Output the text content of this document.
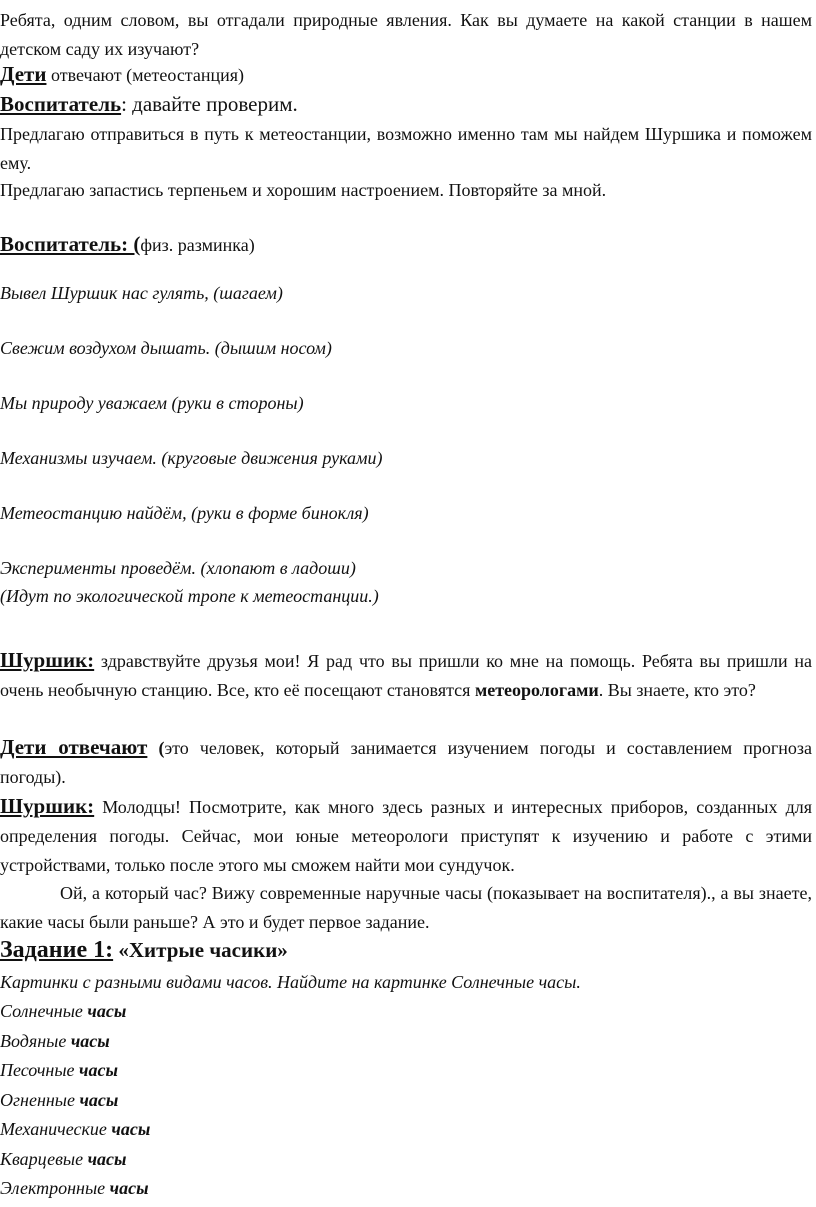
Ребята, одним словом, вы отгадали природные явления. Как вы думаете на какой станции в нашем детском саду их изучают?
Дети отвечают (метеостанция)
Воспитатель: давайте проверим.
Предлагаю отправиться в путь к метеостанции, возможно именно там мы найдем Шуршика и поможем ему.
Предлагаю запастись терпеньем и хорошим настроением. Повторяйте за мной.
Воспитатель: (физ. разминка)
Вывел Шуршик нас гулять, (шагаем)
Свежим воздухом дышать. (дышим носом)
Мы природу уважаем (руки в стороны)
Механизмы изучаем. (круговые движения руками)
Метеостанцию найдём, (руки в форме бинокля)
Эксперименты проведём. (хлопают в ладоши)
(Идут по экологической тропе к метеостанции.)
Шуршик: здравствуйте друзья мои! Я рад что вы пришли ко мне на помощь. Ребята вы пришли на очень необычную станцию. Все, кто её посещают становятся метеорологами. Вы знаете, кто это?
Дети отвечают (это человек, который занимается изучением погоды и составлением прогноза погоды).
Шуршик: Молодцы! Посмотрите, как много здесь разных и интересных приборов, созданных для определения погоды. Сейчас, мои юные метеорологи приступят к изучению и работе с этими устройствами, только после этого мы сможем найти мои сундучок.
Ой, а который час? Вижу современные наручные часы (показывает на воспитателя)., а вы знаете, какие часы были раньше? А это и будет первое задание.
Задание 1: «Хитрые часики»
Картинки с разными видами часов. Найдите на картинке Солнечные часы.
Солнечные часы
Водяные часы
Песочные часы
Огненные часы
Механические часы
Кварцевые часы
Электронные часы
